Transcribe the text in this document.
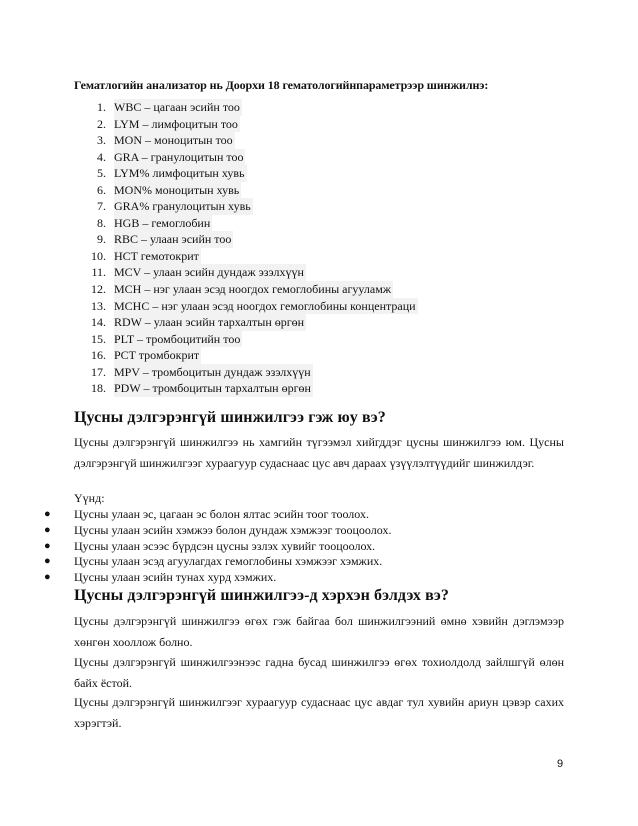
Гематлогийн анализатор нь Доорхи 18 гематологийнпараметрээр шинжилнэ:
1. WBC – цагаан эсийн тоо
2. LYM – лимфоцитын тоо
3. MON – моноцитын тоо
4. GRA – гранулоцитын тоо
5. LYM% лимфоцитын хувь
6. MON% моноцитын хувь
7. GRA% гранулоцитын хувь
8. HGB – гемоглобин
9. RBC – улаан эсийн тоо
10. HCT гемотокрит
11. MCV – улаан эсийн дундаж эзэлхүүн
12. MCH – нэг улаан эсэд ноогдох гемоглобины агууламж
13. MCHC – нэг улаан эсэд ноогдох гемоглобины концентраци
14. RDW – улаан эсийн тархалтын өргөн
15. PLT – тромбоцитийн тоо
16. PCT тромбокрит
17. MPV – тромбоцитын дундаж эзэлхүүн
18. PDW – тромбоцитын тархалтын өргөн
Цусны дэлгэрэнгүй шинжилгээ гэж юу вэ?

Цусны дэлгэрэнгүй шинжилгээ нь хамгийн түгээмэл хийгддэг цусны шинжилгээ юм. Цусны дэлгэрэнгүй шинжилгээг хураагуур судаснаас цус авч дараах үзүүлэлтүүдийг шинжилдэг.

Үүнд:

●	Цусны улаан эс, цагаан эс болон ялтас эсийн тоог тоолох.
●	Цусны улаан эсийн хэмжээ болон дундаж хэмжээг тооцоолох.
●	Цусны улаан эсээс бүрдсэн цусны эзлэх хувийг тооцоолох.
●	Цусны улаан эсэд агуулагдах гемоглобины хэмжээг хэмжих.
●	Цусны улаан эсийн тунах хурд хэмжих.
Цусны дэлгэрэнгүй шинжилгээ-д хэрхэн бэлдэх вэ?

Цусны дэлгэрэнгүй шинжилгээ өгөх гэж байгаа бол шинжилгээний өмнө хэвийн дэглэмээр хөнгөн хооллож болно.

Цусны дэлгэрэнгүй шинжилгээнээс гадна бусад шинжилгээ өгөх тохиолдолд зайлшгүй өлөн байх ёстой.

Цусны дэлгэрэнгүй шинжилгээг хураагуур судаснаас цус авдаг тул хувийн ариун цэвэр сахих хэрэгтэй.

9
